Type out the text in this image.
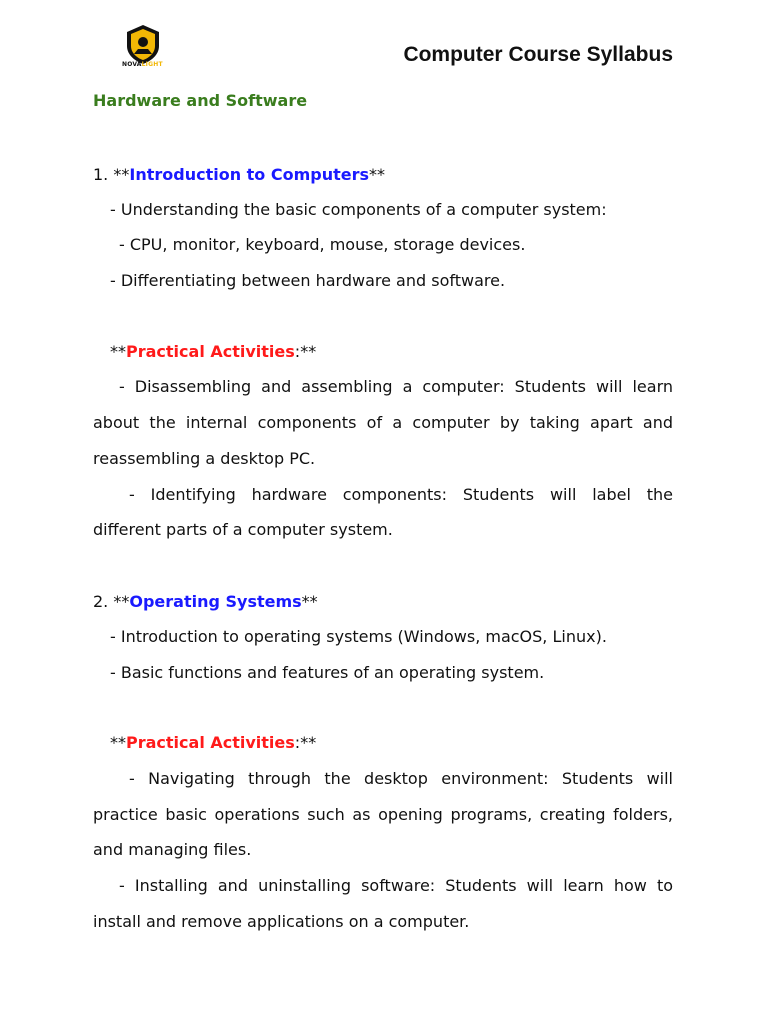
NOVALIGHT	Computer Course Syllabus
Hardware and Software
1. **Introduction to Computers**
- Understanding the basic components of a computer system:
- CPU, monitor, keyboard, mouse, storage devices.
- Differentiating between hardware and software.
**Practical Activities:**
- Disassembling and assembling a computer: Students will learn
about the internal components of a computer by taking apart and
reassembling a desktop PC.
- Identifying hardware components: Students will label the
different parts of a computer system.
2. **Operating Systems**
- Introduction to operating systems (Windows, macOS, Linux).
- Basic functions and features of an operating system.
**Practical Activities:**
- Navigating through the desktop environment: Students will
practice basic operations such as opening programs, creating folders,
and managing files.
- Installing and uninstalling software: Students will learn how to
install and remove applications on a computer.
